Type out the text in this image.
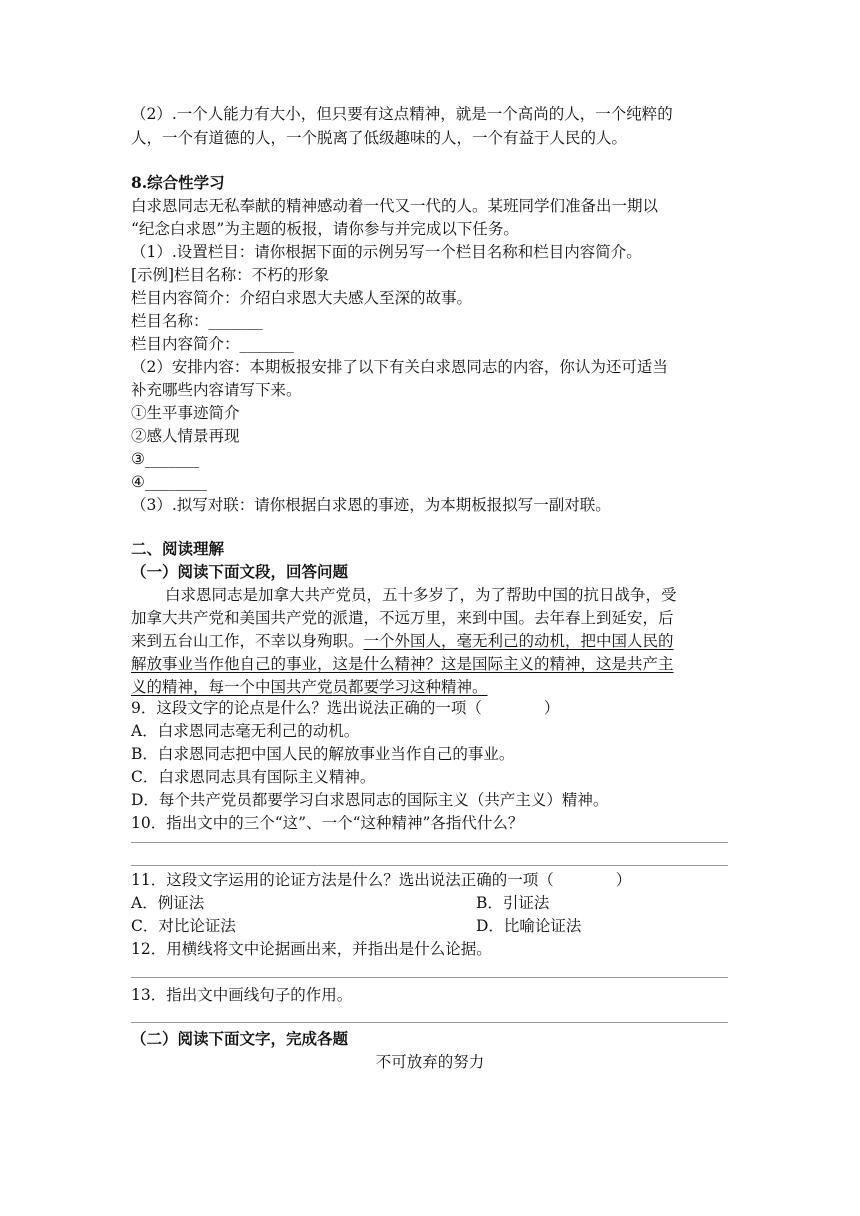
（2）.一个人能力有大小，但只要有这点精神，就是一个高尚的人，一个纯粹的
人，一个有道德的人，一个脱离了低级趣味的人，一个有益于人民的人。
8.综合性学习
白求恩同志无私奉献的精神感动着一代又一代的人。某班同学们准备出一期以
“纪念白求恩”为主题的板报，请你参与并完成以下任务。
（1）.设置栏目：请你根据下面的示例另写一个栏目名称和栏目内容简介。
[示例]栏目名称：不朽的形象
栏目内容简介：介绍白求恩大夫感人至深的故事。
栏目名称：_______
栏目内容简介：_______
（2）安排内容：本期板报安排了以下有关白求恩同志的内容，你认为还可适当
补充哪些内容请写下来。
①生平事迹简介
②感人情景再现
③_______
④________
（3）.拟写对联：请你根据白求恩的事迹，为本期板报拟写一副对联。
二、阅读理解
（一）阅读下面文段，回答问题
白求恩同志是加拿大共产党员，五十多岁了，为了帮助中国的抗日战争，受
加拿大共产党和美国共产党的派遣，不远万里，来到中国。去年春上到延安，后
来到五台山工作，不幸以身殉职。一个外国人，毫无利己的动机，把中国人民的
解放事业当作他自己的事业，这是什么精神？这是国际主义的精神，这是共产主
义的精神，每一个中国共产党员都要学习这种精神。
9．这段文字的论点是什么？选出说法正确的一项（　　　　）
A．白求恩同志毫无利己的动机。
B．白求恩同志把中国人民的解放事业当作自己的事业。
C．白求恩同志具有国际主义精神。
D．每个共产党员都要学习白求恩同志的国际主义（共产主义）精神。
10．指出文中的三个“这”、一个“这种精神”各指代什么？
11．这段文字运用的论证方法是什么？选出说法正确的一项（　　　　）
A．例证法	B．引证法
C．对比论证法	D．比喻论证法
12．用横线将文中论据画出来，并指出是什么论据。
13．指出文中画线句子的作用。
（二）阅读下面文字，完成各题
不可放弃的努力
